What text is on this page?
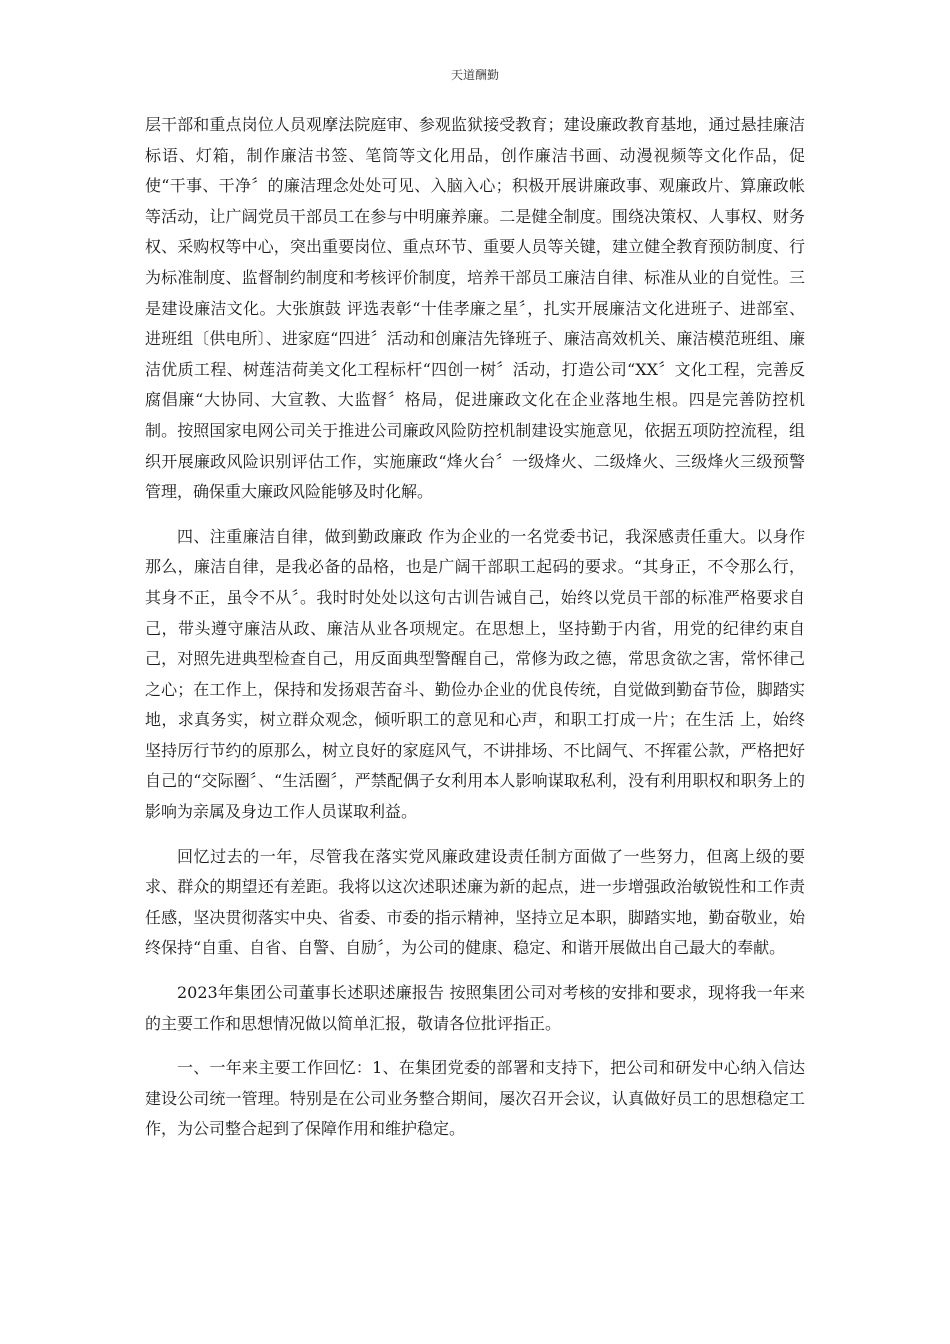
天道酬勤

层干部和重点岗位人员观摩法院庭审、参观监狱接受教育；建设廉政教育基地，通过悬挂廉洁标语、灯箱，制作廉洁书签、笔筒等文化用品，创作廉洁书画、动漫视频等文化作品，促使“干事、干净〞的廉洁理念处处可见、入脑入心；积极开展讲廉政事、观廉政片、算廉政帐等活动，让广阔党员干部员工在参与中明廉养廉。二是健全制度。围绕决策权、人事权、财务权、采购权等中心，突出重要岗位、重点环节、重要人员等关键，建立健全教育预防制度、行为标准制度、监督制约制度和考核评价制度，培养干部员工廉洁自律、标准从业的自觉性。三是建设廉洁文化。大张旗鼓 评选表彰“十佳孝廉之星〞，扎实开展廉洁文化进班子、进部室、进班组〔供电所〕、进家庭“四进〞活动和创廉洁先锋班子、廉洁高效机关、廉洁模范班组、廉洁优质工程、树莲洁荷美文化工程标杆“四创一树〞活动，打造公司“XX〞文化工程，完善反腐倡廉“大协同、大宣教、大监督〞格局，促进廉政文化在企业落地生根。四是完善防控机制。按照国家电网公司关于推进公司廉政风险防控机制建设实施意见，依据五项防控流程，组织开展廉政风险识别评估工作，实施廉政“烽火台〞一级烽火、二级烽火、三级烽火三级预警管理，确保重大廉政风险能够及时化解。

四、注重廉洁自律，做到勤政廉政 作为企业的一名党委书记，我深感责任重大。以身作那么，廉洁自律，是我必备的品格，也是广阔干部职工起码的要求。“其身正，不令那么行，其身不正，虽令不从〞。我时时处处以这句古训告诫自己，始终以党员干部的标准严格要求自己，带头遵守廉洁从政、廉洁从业各项规定。在思想上，坚持勤于内省，用党的纪律约束自己，对照先进典型检查自己，用反面典型警醒自己，常修为政之德，常思贪欲之害，常怀律己之心；在工作上，保持和发扬艰苦奋斗、勤俭办企业的优良传统，自觉做到勤奋节俭，脚踏实地，求真务实，树立群众观念，倾听职工的意见和心声，和职工打成一片；在生活 上，始终坚持厉行节约的原那么，树立良好的家庭风气，不讲排场、不比阔气、不挥霍公款，严格把好自己的“交际圈〞、“生活圈〞，严禁配偶子女利用本人影响谋取私利，没有利用职权和职务上的影响为亲属及身边工作人员谋取利益。

回忆过去的一年，尽管我在落实党风廉政建设责任制方面做了一些努力，但离上级的要求、群众的期望还有差距。我将以这次述职述廉为新的起点，进一步增强政治敏锐性和工作责任感，坚决贯彻落实中央、省委、市委的指示精神，坚持立足本职，脚踏实地，勤奋敬业，始终保持“自重、自省、自警、自励〞，为公司的健康、稳定、和谐开展做出自己最大的奉献。

2023年集团公司董事长述职述廉报告 按照集团公司对考核的安排和要求，现将我一年来的主要工作和思想情况做以简单汇报，敬请各位批评指正。

一、一年来主要工作回忆：1、在集团党委的部署和支持下，把公司和研发中心纳入信达建设公司统一管理。特别是在公司业务整合期间，屡次召开会议，认真做好员工的思想稳定工作，为公司整合起到了保障作用和维护稳定。
